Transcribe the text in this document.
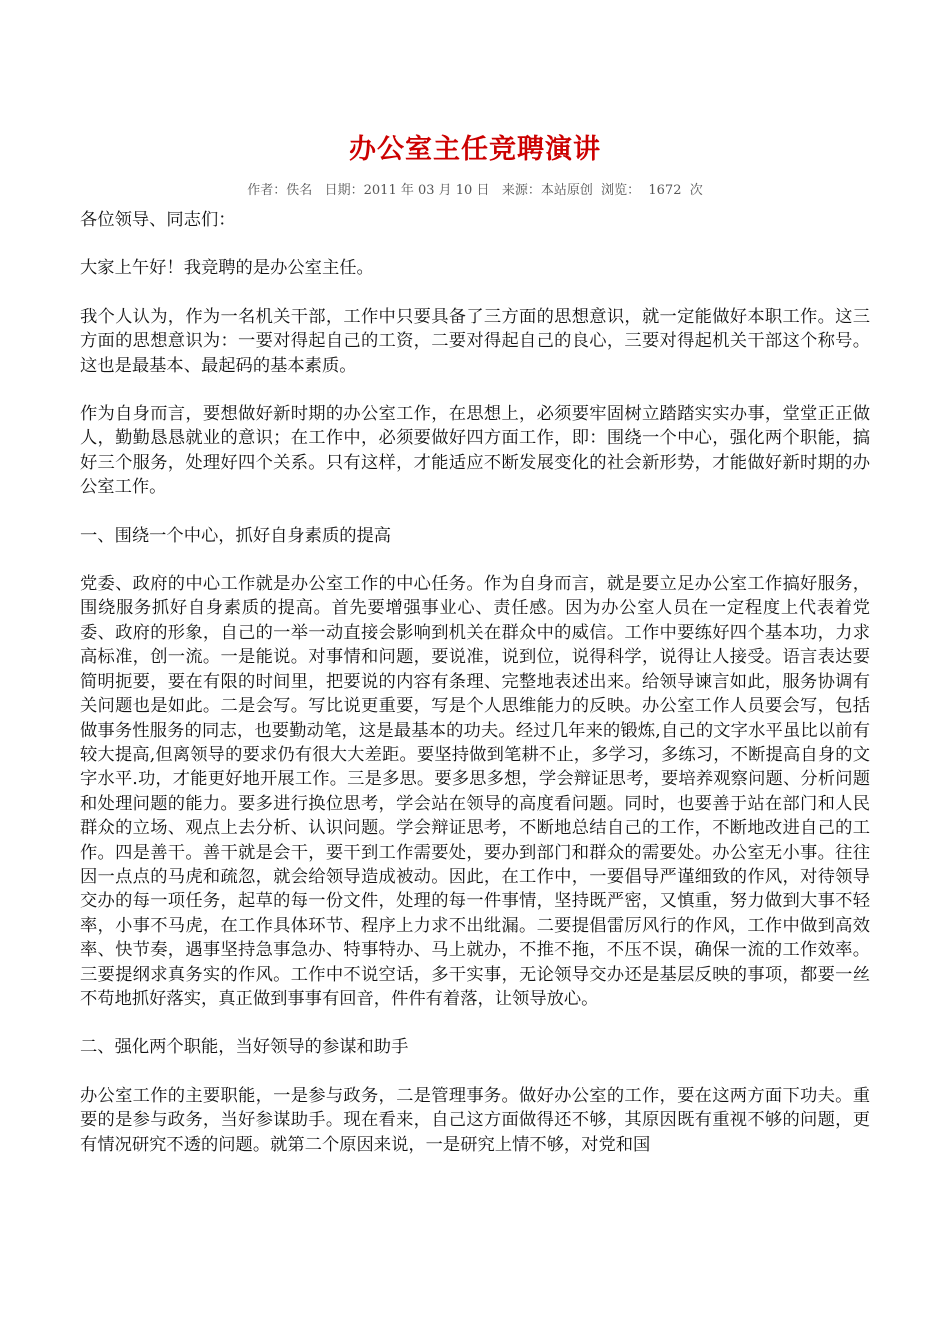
办公室主任竞聘演讲
作者：佚名   日期：2011 年 03 月 10 日   来源：本站原创  浏览：  1672  次

各位领导、同志们：

大家上午好！我竞聘的是办公室主任。

我个人认为，作为一名机关干部，工作中只要具备了三方面的思想意识，就一定能做好本职工作。这三方面的思想意识为：一要对得起自己的工资，二要对得起自己的良心，三要对得起机关干部这个称号。这也是最基本、最起码的基本素质。

作为自身而言，要想做好新时期的办公室工作，在思想上，必须要牢固树立踏踏实实办事，堂堂正正做人，勤勤恳恳就业的意识；在工作中，必须要做好四方面工作，即：围绕一个中心，强化两个职能，搞好三个服务，处理好四个关系。只有这样，才能适应不断发展变化的社会新形势，才能做好新时期的办公室工作。

一、围绕一个中心，抓好自身素质的提高

党委、政府的中心工作就是办公室工作的中心任务。作为自身而言，就是要立足办公室工作搞好服务，围绕服务抓好自身素质的提高。首先要增强事业心、责任感。因为办公室人员在一定程度上代表着党委、政府的形象，自己的一举一动直接会影响到机关在群众中的威信。工作中要练好四个基本功，力求高标准，创一流。一是能说。对事情和问题，要说准，说到位，说得科学，说得让人接受。语言表达要简明扼要，要在有限的时间里，把要说的内容有条理、完整地表述出来。给领导谏言如此，服务协调有关问题也是如此。二是会写。写比说更重要，写是个人思维能力的反映。办公室工作人员要会写，包括做事务性服务的同志，也要勤动笔，这是最基本的功夫。经过几年来的锻炼,自己的文字水平虽比以前有较大提高,但离领导的要求仍有很大大差距。要坚持做到笔耕不止，多学习，多练习，不断提高自身的文字水平.功，才能更好地开展工作。三是多思。要多思多想，学会辩证思考，要培养观察问题、分析问题和处理问题的能力。要多进行换位思考，学会站在领导的高度看问题。同时，也要善于站在部门和人民群众的立场、观点上去分析、认识问题。学会辩证思考，不断地总结自己的工作，不断地改进自己的工作。四是善干。善干就是会干，要干到工作需要处，要办到部门和群众的需要处。办公室无小事。往往因一点点的马虎和疏忽，就会给领导造成被动。因此，在工作中，一要倡导严谨细致的作风，对待领导交办的每一项任务，起草的每一份文件，处理的每一件事情，坚持既严密，又慎重，努力做到大事不轻率，小事不马虎，在工作具体环节、程序上力求不出纰漏。二要提倡雷厉风行的作风，工作中做到高效率、快节奏，遇事坚持急事急办、特事特办、马上就办，不推不拖，不压不误，确保一流的工作效率。三要提纲求真务实的作风。工作中不说空话，多干实事，无论领导交办还是基层反映的事项，都要一丝不苟地抓好落实，真正做到事事有回音，件件有着落，让领导放心。

二、强化两个职能，当好领导的参谋和助手

办公室工作的主要职能，一是参与政务，二是管理事务。做好办公室的工作，要在这两方面下功夫。重要的是参与政务，当好参谋助手。现在看来，自己这方面做得还不够，其原因既有重视不够的问题，更有情况研究不透的问题。就第二个原因来说，一是研究上情不够，对党和国
